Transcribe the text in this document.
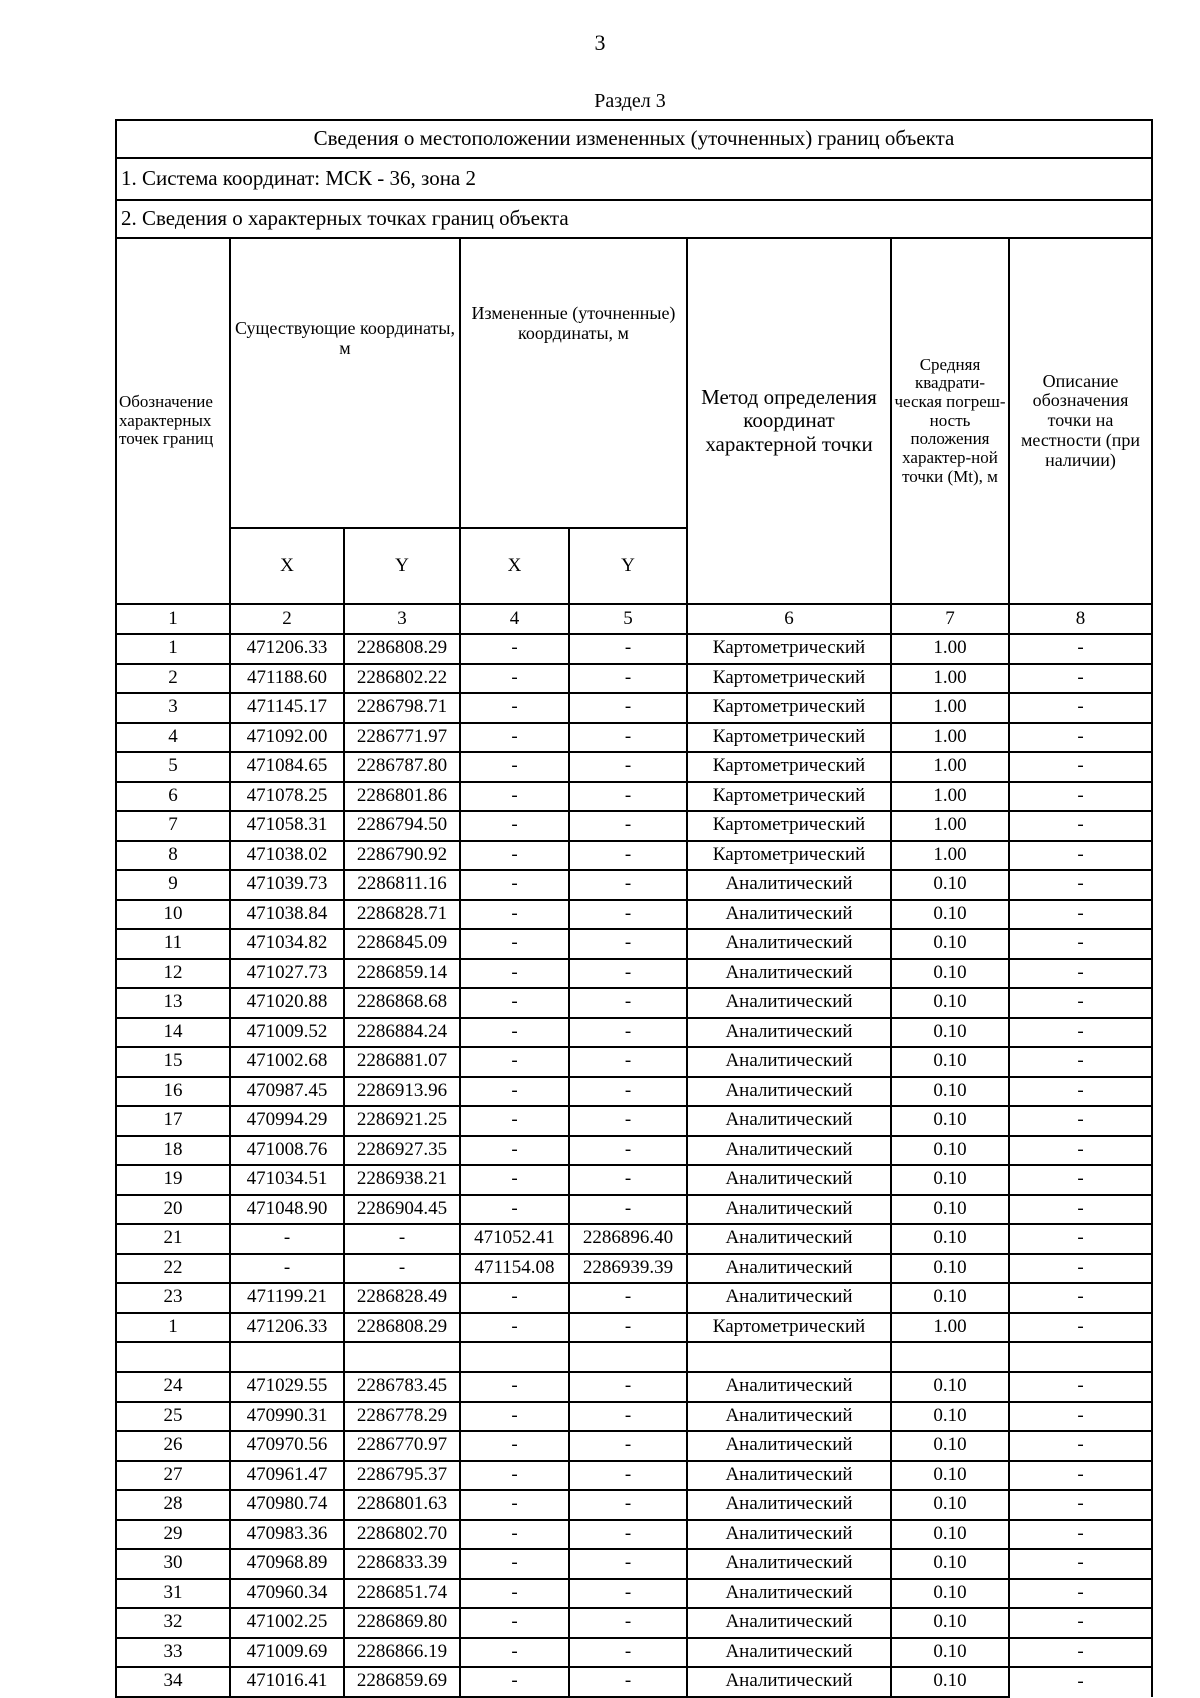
3
Раздел 3
Сведения о местоположении измененных (уточненных) границ объекта							
1. Система координат: МСК - 36, зона 2							
2. Сведения о характерных точках границ объекта							
Обозначение характерных точек границ	Существующие координаты, м		Измененные (уточненные) координаты, м		Метод определения координат характерной точки	Средняя квадрати-ческая погреш-ность положения характер-ной точки (Mt), м	Описание обозначения точки на местности (при наличии)
	X	Y	X	Y			
1	2	3	4	5	6	7	8
1	471206.33	2286808.29	-	-	Картометрический	1.00	-
2	471188.60	2286802.22	-	-	Картометрический	1.00	-
3	471145.17	2286798.71	-	-	Картометрический	1.00	-
4	471092.00	2286771.97	-	-	Картометрический	1.00	-
5	471084.65	2286787.80	-	-	Картометрический	1.00	-
6	471078.25	2286801.86	-	-	Картометрический	1.00	-
7	471058.31	2286794.50	-	-	Картометрический	1.00	-
8	471038.02	2286790.92	-	-	Картометрический	1.00	-
9	471039.73	2286811.16	-	-	Аналитический	0.10	-
10	471038.84	2286828.71	-	-	Аналитический	0.10	-
11	471034.82	2286845.09	-	-	Аналитический	0.10	-
12	471027.73	2286859.14	-	-	Аналитический	0.10	-
13	471020.88	2286868.68	-	-	Аналитический	0.10	-
14	471009.52	2286884.24	-	-	Аналитический	0.10	-
15	471002.68	2286881.07	-	-	Аналитический	0.10	-
16	470987.45	2286913.96	-	-	Аналитический	0.10	-
17	470994.29	2286921.25	-	-	Аналитический	0.10	-
18	471008.76	2286927.35	-	-	Аналитический	0.10	-
19	471034.51	2286938.21	-	-	Аналитический	0.10	-
20	471048.90	2286904.45	-	-	Аналитический	0.10	-
21	-	-	471052.41	2286896.40	Аналитический	0.10	-
22	-	-	471154.08	2286939.39	Аналитический	0.10	-
23	471199.21	2286828.49	-	-	Аналитический	0.10	-
1	471206.33	2286808.29	-	-	Картометрический	1.00	-

24	471029.55	2286783.45	-	-	Аналитический	0.10	-
25	470990.31	2286778.29	-	-	Аналитический	0.10	-
26	470970.56	2286770.97	-	-	Аналитический	0.10	-
27	470961.47	2286795.37	-	-	Аналитический	0.10	-
28	470980.74	2286801.63	-	-	Аналитический	0.10	-
29	470983.36	2286802.70	-	-	Аналитический	0.10	-
30	470968.89	2286833.39	-	-	Аналитический	0.10	-
31	470960.34	2286851.74	-	-	Аналитический	0.10	-
32	471002.25	2286869.80	-	-	Аналитический	0.10	-
33	471009.69	2286866.19	-	-	Аналитический	0.10	-
34	471016.41	2286859.69	-	-	Аналитический	0.10	-
